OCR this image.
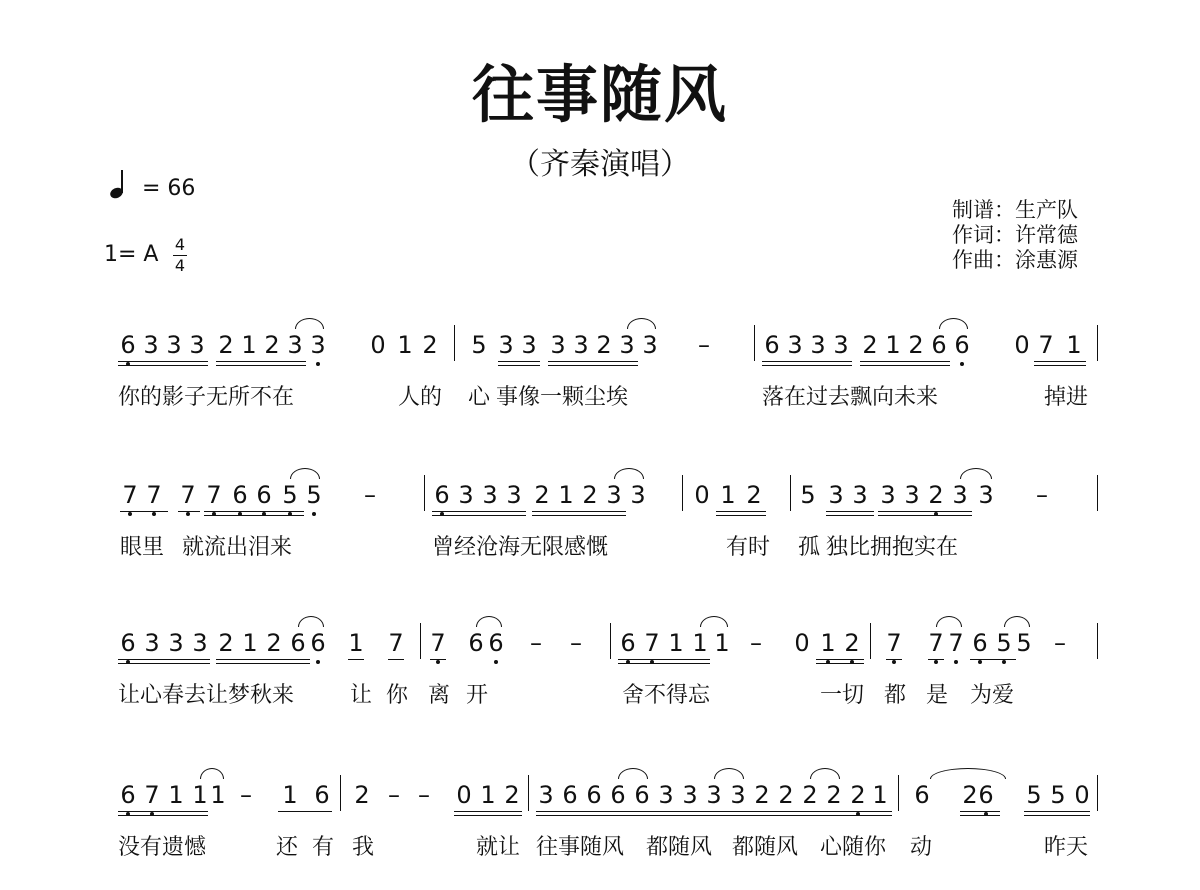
往事随风
（齐秦演唱）
= 66
1= A	4
4
制谱：生产队
作词：许常德
作曲：涂惠源
6 3 3 3 2 1 2 3 3 0 1 2 5 3 3 3 3 2 3 3 – 6 3 3 3 2 1 2 6 6 0 7 1
你的影子无所不在	人的 心 事像一颗尘埃	落在过去飘向未来	掉进
7 7 7 7 6 6 5 5 – 6 3 3 3 2 1 2 3 3 0 1 2 5 3 3 3 3 2 3 3 –
眼里 就流出泪来	曾经沧海无限感慨	有时 孤 独比拥抱实在
6 3 3 3 2 1 2 6 6 1 7 7 6 6 – – 6 7 1 1 1 – 0 1 2 7 7 7 6 5 5 –
让心春去让梦秋来	让 你 离 开	舍不得忘	一切 都 是 为爱
6 7 1 1 1 – 1 6 2 – – 0 1 2 3 6 6 6 6 3 3 3 3 2 2 2 2 2 1 6 2 6 5 5 0
没有遗憾	还 有 我	就让 往事随风 都随风 都随风 心随你 动	昨天
